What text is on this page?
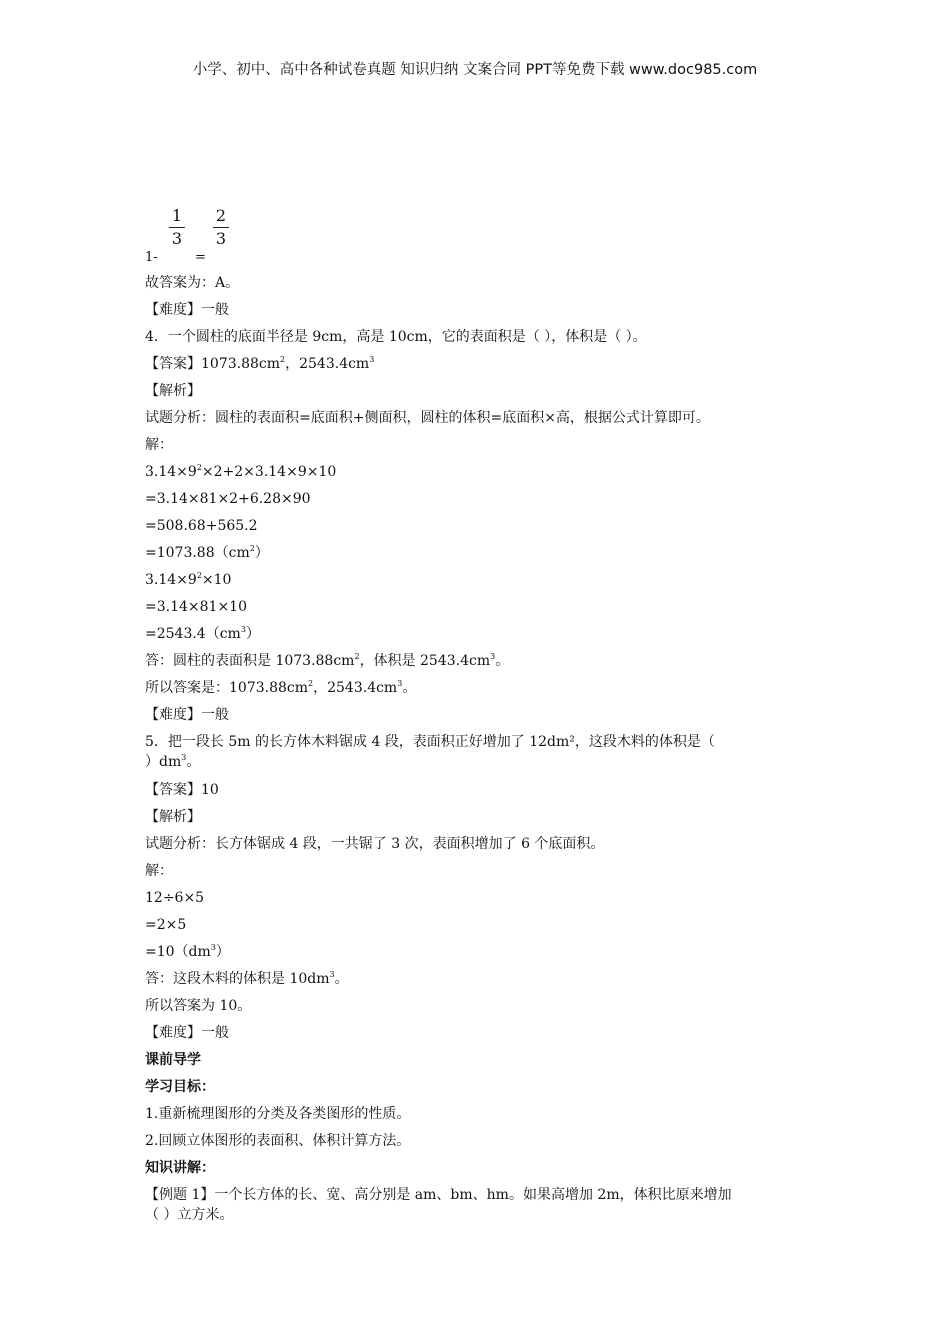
小学、初中、高中各种试卷真题 知识归纳 文案合同 PPT等免费下载 www.doc985.com
1
3
2
3
1-	=
故答案为：A。
【难度】一般
4．一个圆柱的底面半径是 9cm，高是 10cm，它的表面积是（ ），体积是（ ）。
【答案】$1073.88cm^2$，$2543.4cm^3$
【解析】
试题分析：圆柱的表面积=底面积+侧面积，圆柱的体积=底面积×高，根据公式计算即可。
解：
$3.14\times 9^2\times 2+2\times 3.14\times 9\times 10$
=3.14×81×2+6.28×90
=508.68+565.2
$=1073.88(cm^2)$
$3.14\times 9^2\times 10$
=3.14×81×10
$=2543.4(cm^3)$
答：圆柱的表面积是 $1073.88cm^2$，体积是 $2543.4cm^3$。
所以答案是：$1073.88cm^2$，$2543.4cm^3$。
【难度】一般
5．把一段长 5m 的长方体木料锯成 4 段，表面积正好增加了 12dm²，这段木料的体积是（
）$dm^3$。
【答案】10
【解析】
试题分析：长方体锯成 4 段，一共锯了 3 次，表面积增加了 6 个底面积。
解：
12÷6×5
=2×5
$=10(dm^3)$
答：这段木料的体积是 $10dm^3$。
所以答案为 10。
【难度】一般
课前导学
学习目标：
1.重新梳理图形的分类及各类图形的性质。
2.回顾立体图形的表面积、体积计算方法。
知识讲解：
【例题 1】一个长方体的长、宽、高分别是 am、bm、hm。如果高增加 2m，体积比原来增加
（ ）立方米。
